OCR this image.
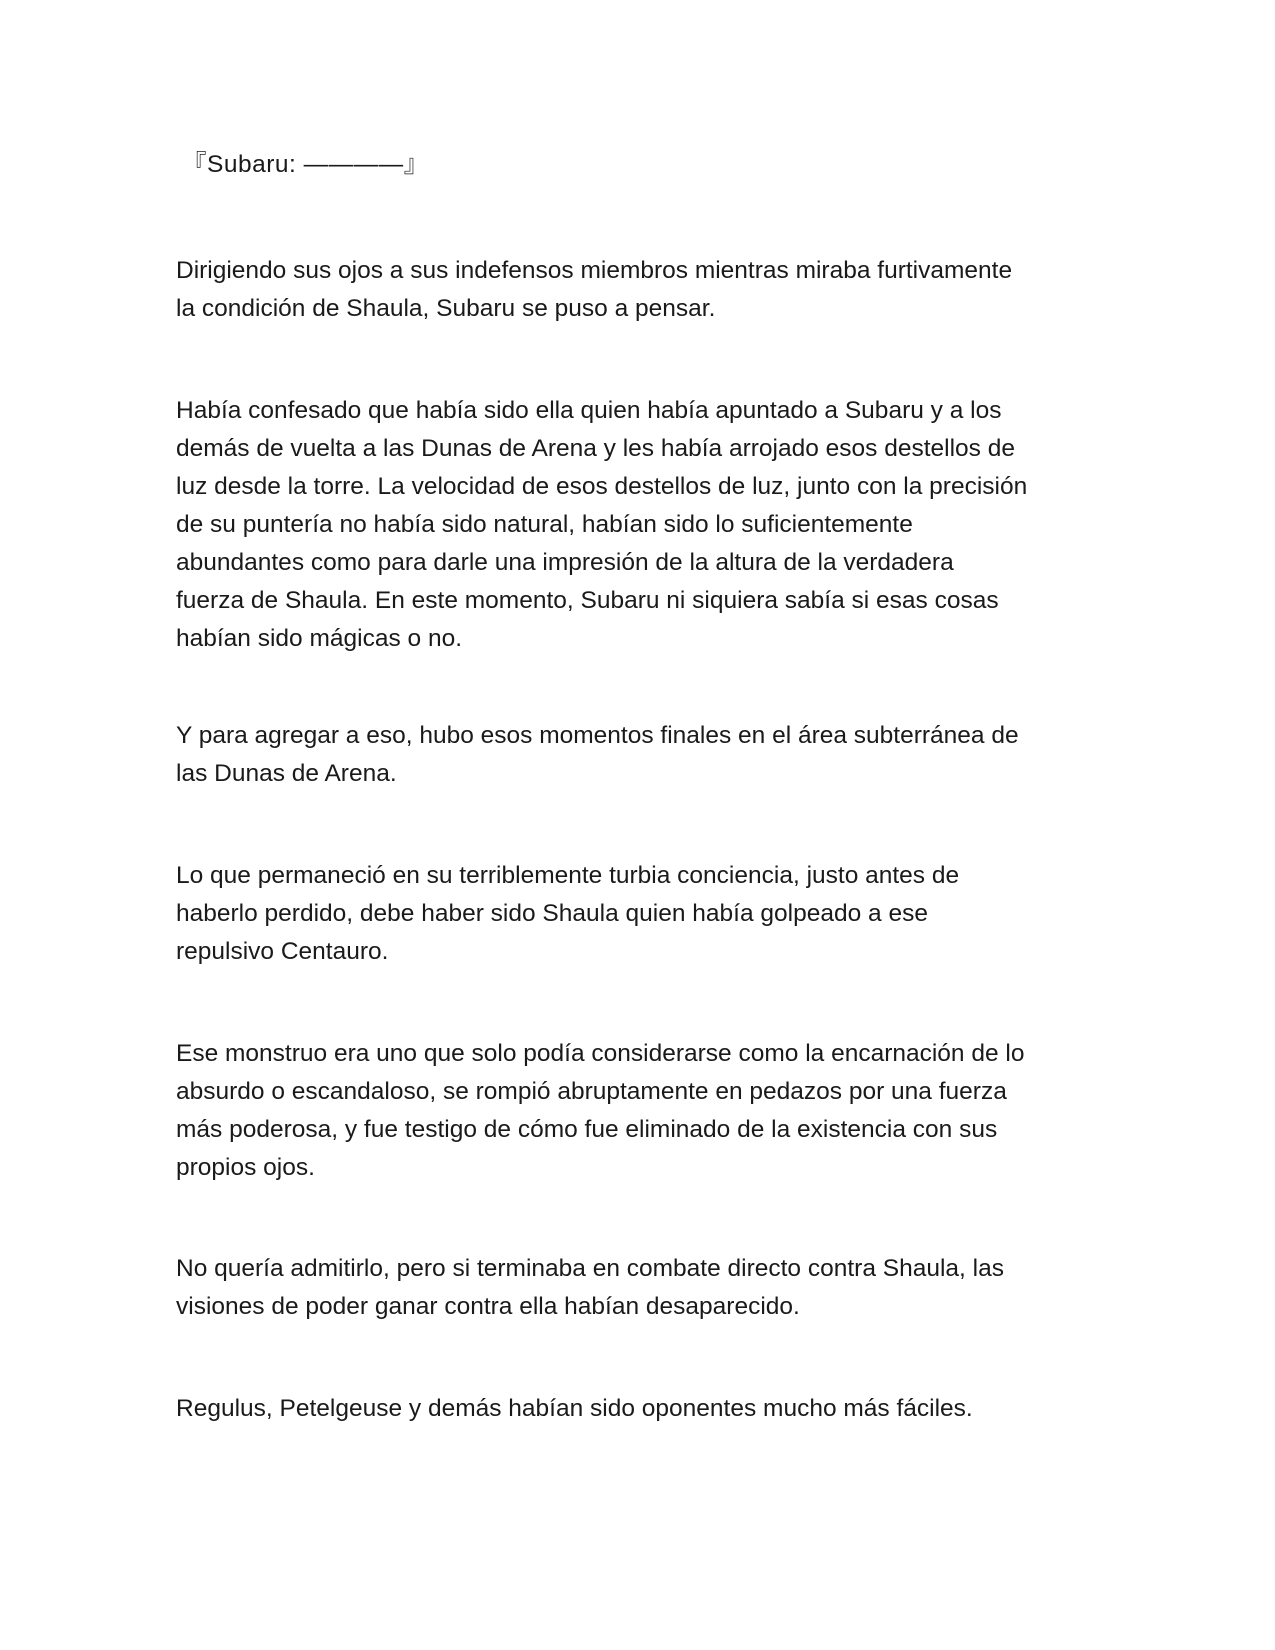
『Subaru: ————』

Dirigiendo sus ojos a sus indefensos miembros mientras miraba furtivamente
la condición de Shaula, Subaru se puso a pensar.

Había confesado que había sido ella quien había apuntado a Subaru y a los
demás de vuelta a las Dunas de Arena y les había arrojado esos destellos de
luz desde la torre. La velocidad de esos destellos de luz, junto con la precisión
de su puntería no había sido natural, habían sido lo suficientemente
abundantes como para darle una impresión de la altura de la verdadera
fuerza de Shaula. En este momento, Subaru ni siquiera sabía si esas cosas
habían sido mágicas o no.

Y para agregar a eso, hubo esos momentos finales en el área subterránea de
las Dunas de Arena.

Lo que permaneció en su terriblemente turbia conciencia, justo antes de
haberlo perdido, debe haber sido Shaula quien había golpeado a ese
repulsivo Centauro.

Ese monstruo era uno que solo podía considerarse como la encarnación de lo
absurdo o escandaloso, se rompió abruptamente en pedazos por una fuerza
más poderosa, y fue testigo de cómo fue eliminado de la existencia con sus
propios ojos.

No quería admitirlo, pero si terminaba en combate directo contra Shaula, las
visiones de poder ganar contra ella habían desaparecido.

Regulus, Petelgeuse y demás habían sido oponentes mucho más fáciles.
